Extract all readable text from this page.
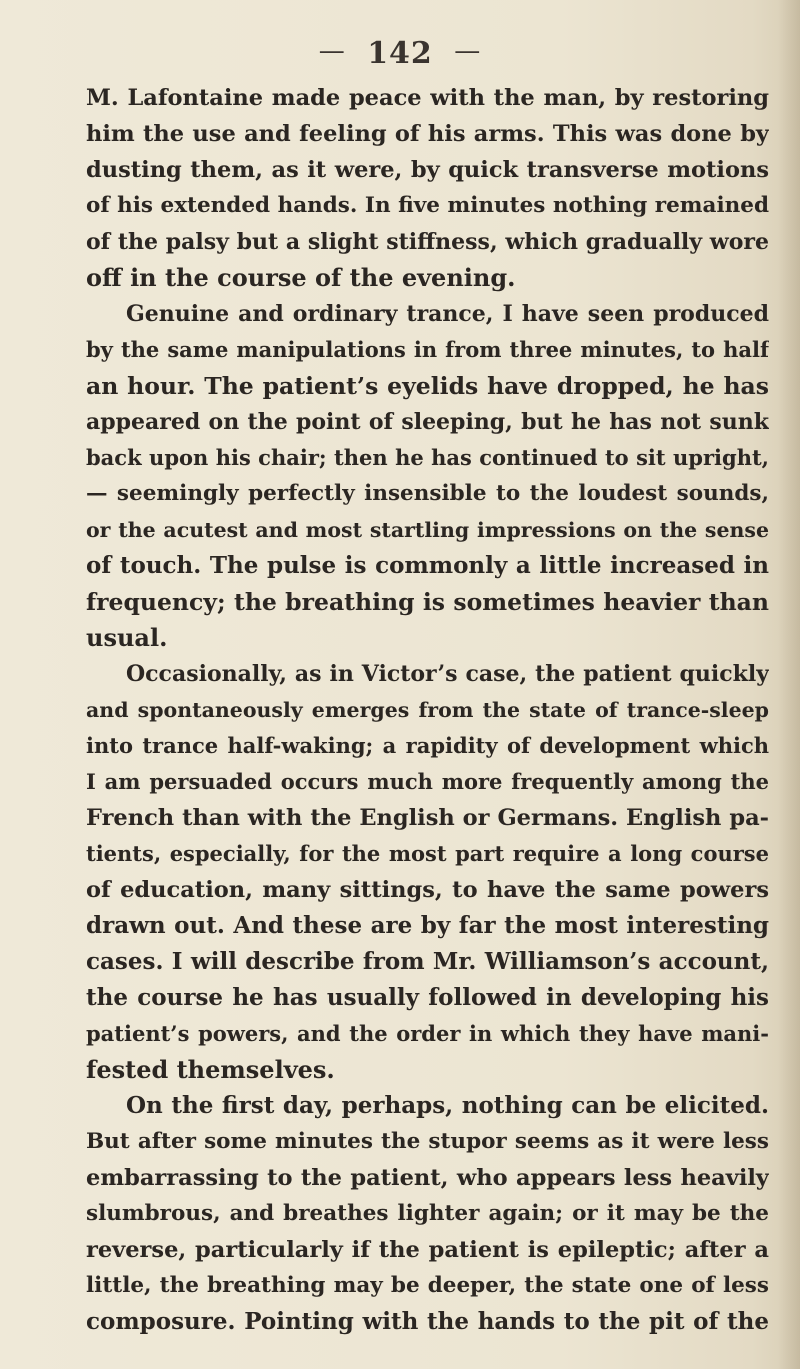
— 142 —
M. Lafontaine made peace with the man, by restoring
him the use and feeling of his arms. This was done by
dusting them, as it were, by quick transverse motions
of his extended hands. In five minutes nothing remained
of the palsy but a slight stiffness, which gradually wore
off in the course of the evening.
Genuine and ordinary trance, I have seen produced
by the same manipulations in from three minutes, to half
an hour. The patient’s eyelids have dropped, he has
appeared on the point of sleeping, but he has not sunk
back upon his chair; then he has continued to sit upright,
— seemingly perfectly insensible to the loudest sounds,
or the acutest and most startling impressions on the sense
of touch. The pulse is commonly a little increased in
frequency; the breathing is sometimes heavier than
usual.
Occasionally, as in Victor’s case, the patient quickly
and spontaneously emerges from the state of trance-sleep
into trance half-waking; a rapidity of development which
I am persuaded occurs much more frequently among the
French than with the English or Germans. English pa-
tients, especially, for the most part require a long course
of education, many sittings, to have the same powers
drawn out. And these are by far the most interesting
cases. I will describe from Mr. Williamson’s account,
the course he has usually followed in developing his
patient’s powers, and the order in which they have mani-
fested themselves.
On the first day, perhaps, nothing can be elicited.
But after some minutes the stupor seems as it were less
embarrassing to the patient, who appears less heavily
slumbrous, and breathes lighter again; or it may be the
reverse, particularly if the patient is epileptic; after a
little, the breathing may be deeper, the state one of less
composure. Pointing with the hands to the pit of the
